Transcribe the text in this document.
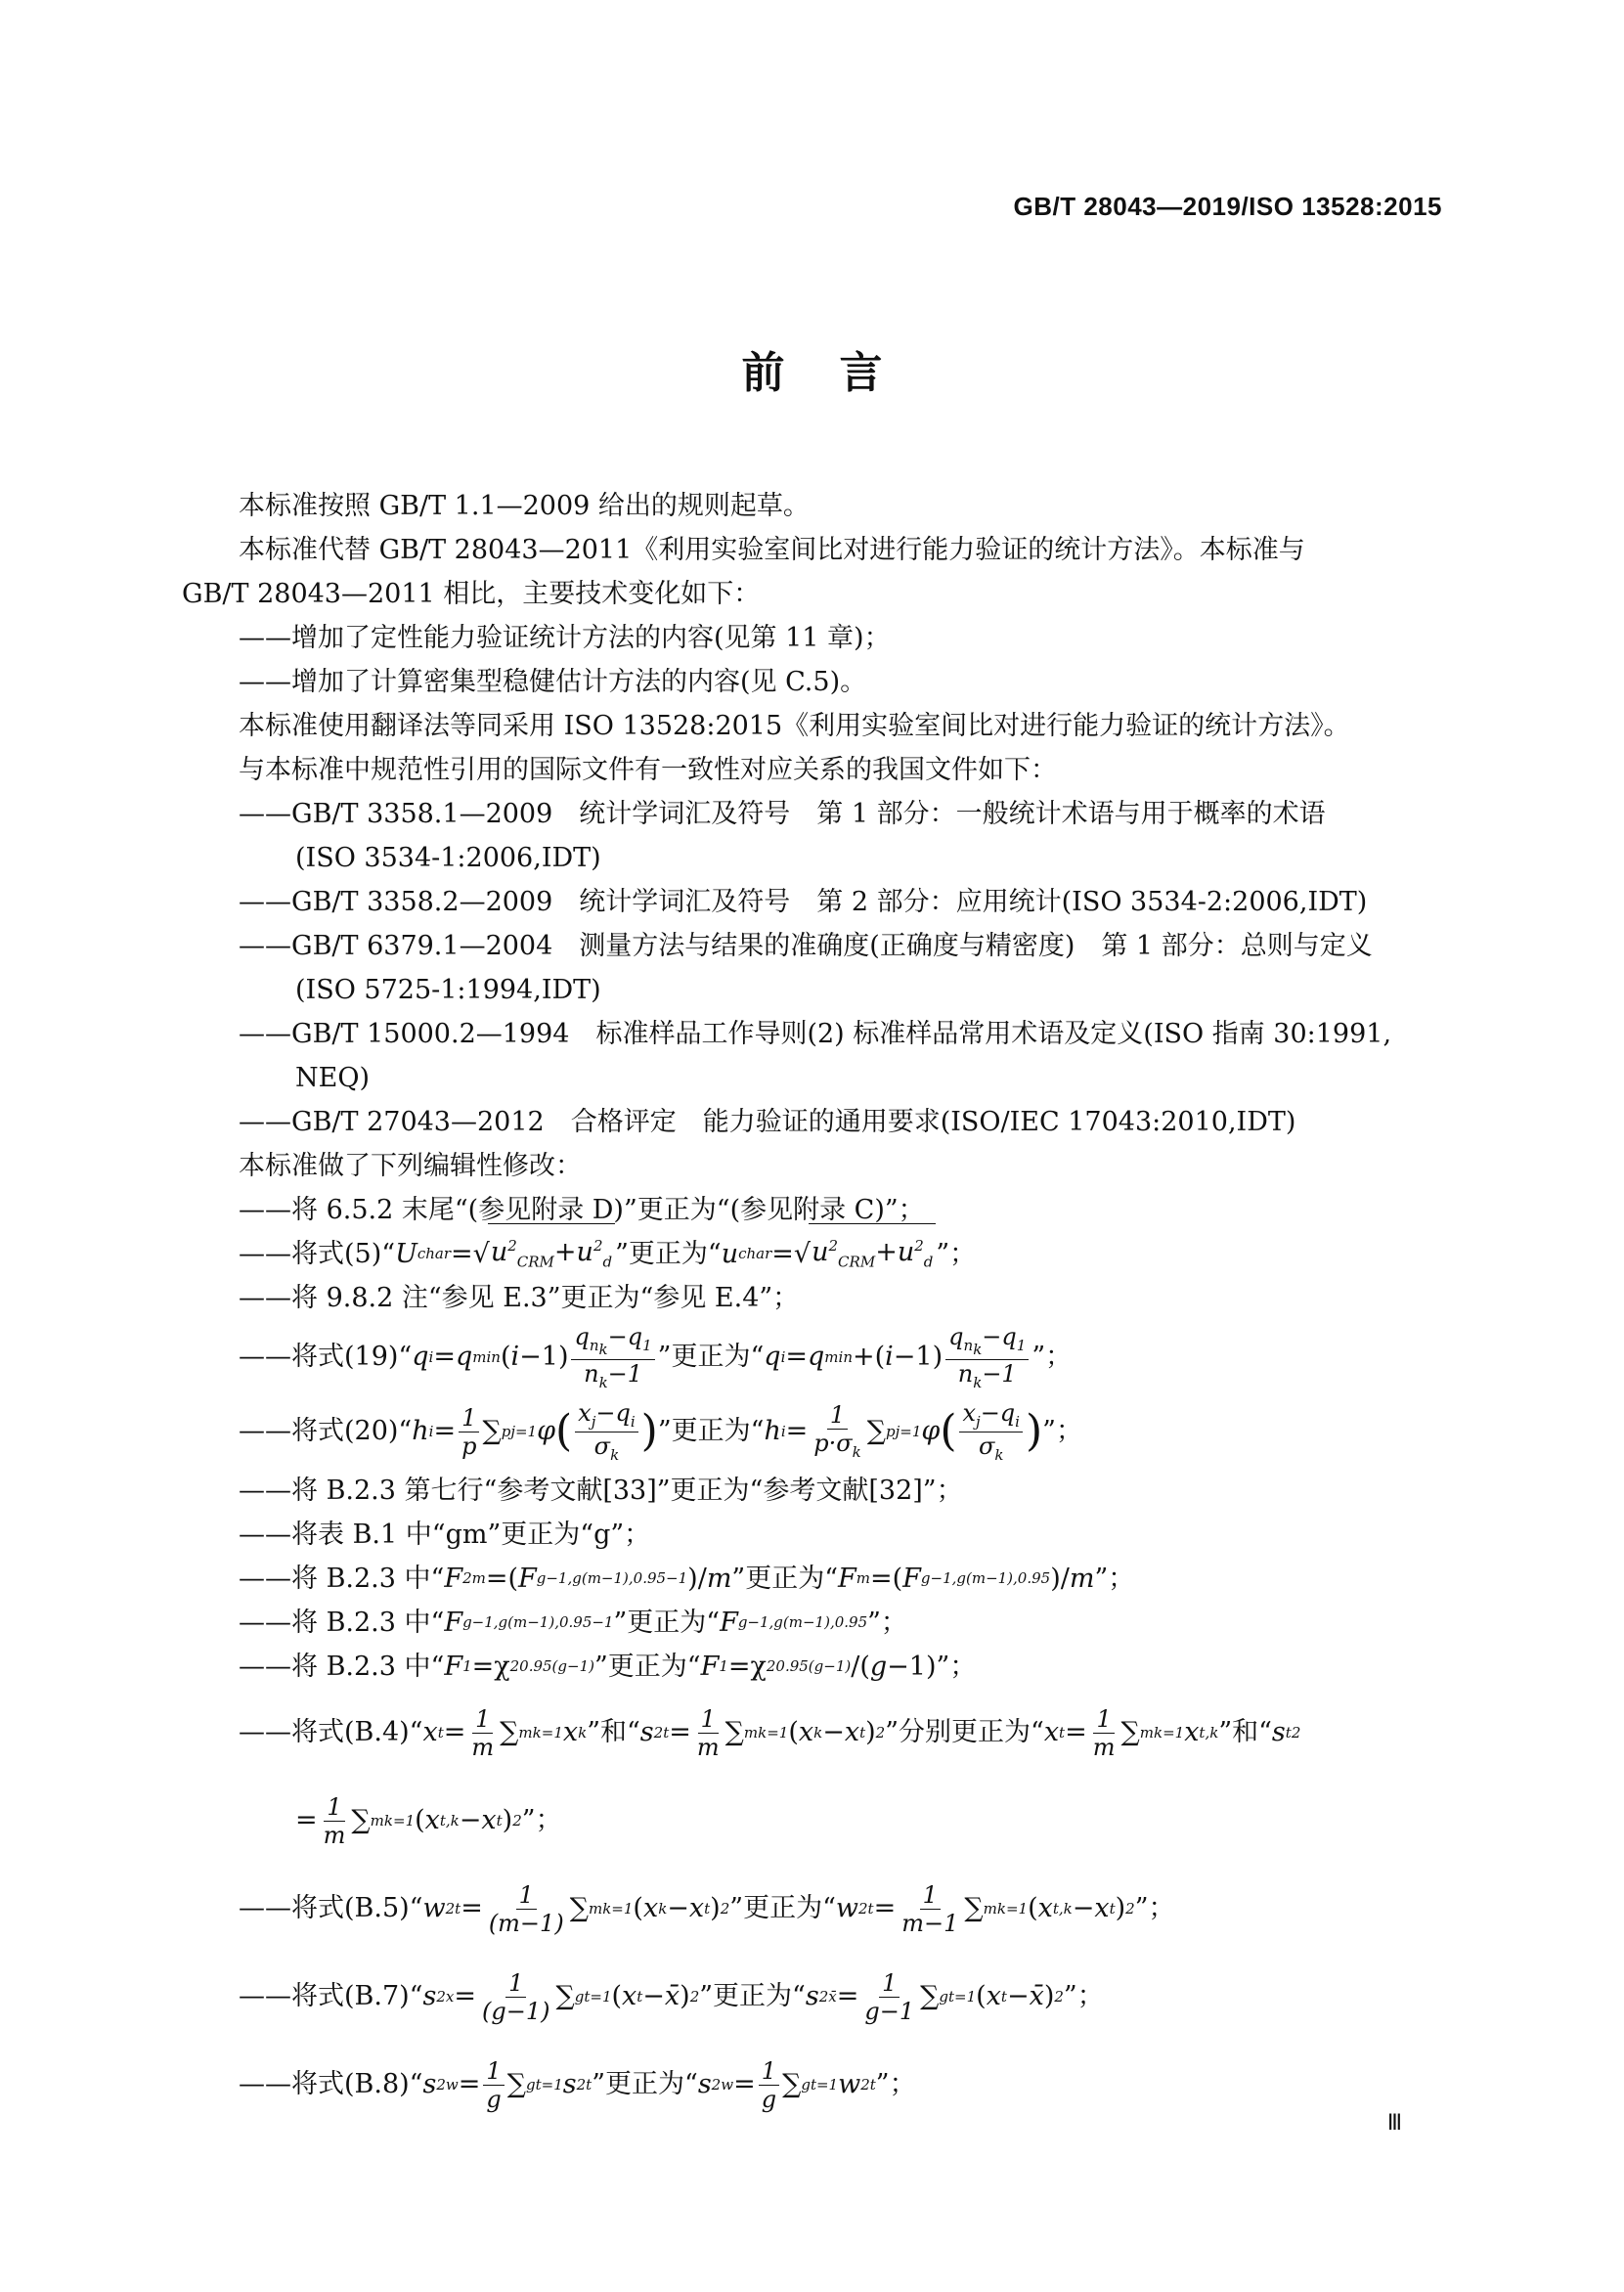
GB/T 28043—2019/ISO 13528:2015
前言
本标准按照 GB/T 1.1—2009 给出的规则起草。
本标准代替 GB/T 28043—2011《利用实验室间比对进行能力验证的统计方法》。本标准与
GB/T 28043—2011 相比，主要技术变化如下：
——增加了定性能力验证统计方法的内容(见第 11 章)；
——增加了计算密集型稳健估计方法的内容(见 C.5)。
本标准使用翻译法等同采用 ISO 13528:2015《利用实验室间比对进行能力验证的统计方法》。
与本标准中规范性引用的国际文件有一致性对应关系的我国文件如下：
——GB/T 3358.1—2009　统计学词汇及符号　第 1 部分：一般统计术语与用于概率的术语
(ISO 3534-1:2006,IDT)
——GB/T 3358.2—2009　统计学词汇及符号　第 2 部分：应用统计(ISO 3534-2:2006,IDT)
——GB/T 6379.1—2004　测量方法与结果的准确度(正确度与精密度)　第 1 部分：总则与定义
(ISO 5725-1:1994,IDT)
——GB/T 15000.2—1994　标准样品工作导则(2) 标准样品常用术语及定义(ISO 指南 30:1991,
NEQ)
——GB/T 27043—2012　合格评定　能力验证的通用要求(ISO/IEC 17043:2010,IDT)
本标准做了下列编辑性修改：
——将 6.5.2 末尾“(参见附录 D)”更正为“(参见附录 C)”；
——将式(5)“ U char =√ $u^2_{CRM}+u^2_d$ ”更正为“ u char =√ $u^2_{CRM}+u^2_d$ ”；
——将 9.8.2 注“参见 E.3”更正为“参见 E.4”；
——将式(19)“ q i = q min ( $i -1) \frac{q_{n_k}-q_1}{n_k-1}$ ”更正为“ q i = q min +( $i -1) \frac{q_{n_k}-q_1}{n_k-1}$ ”；
——将式(20)“ h $i = \frac{1}{p}$ ∑ p j=1 φ ( $\frac{x_j-q_i}{\sigma_k}$ ) ”更正为“ h $i = \frac{1}{p\cdot\sigma_k}$ ∑ p j=1 φ ( $\frac{x_j-q_i}{\sigma_k}$ ) ”；
——将 B.2.3 第七行“参考文献[33]”更正为“参考文献[32]”；
——将表 B.1 中“gm”更正为“g”；
——将 B.2.3 中“ F 2m =( F g−1,g(m−1),0.95−1 )/ m ”更正为“ F m =( F g−1,g(m−1),0.95 )/ m ”；
——将 B.2.3 中“ F g−1,g(m−1),0.95−1 ”更正为“ F g−1,g(m−1),0.95 ”；
——将 B.2.3 中“ F 1 =χ 2 0.95(g−1) ”更正为“ F 1 =χ 2 0.95(g−1) /( g −1) ”；
——将式(B.4)“ x $t = \frac{1}{m}$ ∑ m k=1 x k ”和“ s 2 $t = \frac{1}{m}$ ∑ m k=1 ( x k − x t ) 2 ”分别更正为“ x $t = \frac{1}{m}$ ∑ m k=1 x t,k ”和“ s t 2
= $\frac{1}{m}$ ∑ m k=1 ( x t,k − x t ) 2 ”；
——将式(B.5)“ w 2 $t = \frac{1}{(m-1)}$ ∑ m k=1 ( x k − x t ) 2 ”更正为“ w 2 $t = \frac{1}{m-1}$ ∑ m k=1 ( x t,k − x t ) 2 ”；
——将式(B.7)“ s 2 $x = \frac{1}{(g-1)}$ ∑ g t=1 ( x t − x̄ ) 2 ”更正为“ s 2 x̄ = $\frac{1}{g-1}$ ∑ g t=1 ( x t − x̄ ) 2 ”；
——将式(B.8)“ s 2 $w = \frac{1}{g}$ ∑ g t=1 s 2 t ”更正为“ s 2 $w = \frac{1}{g}$ ∑ g t=1 w 2 t ”；
Ⅲ
